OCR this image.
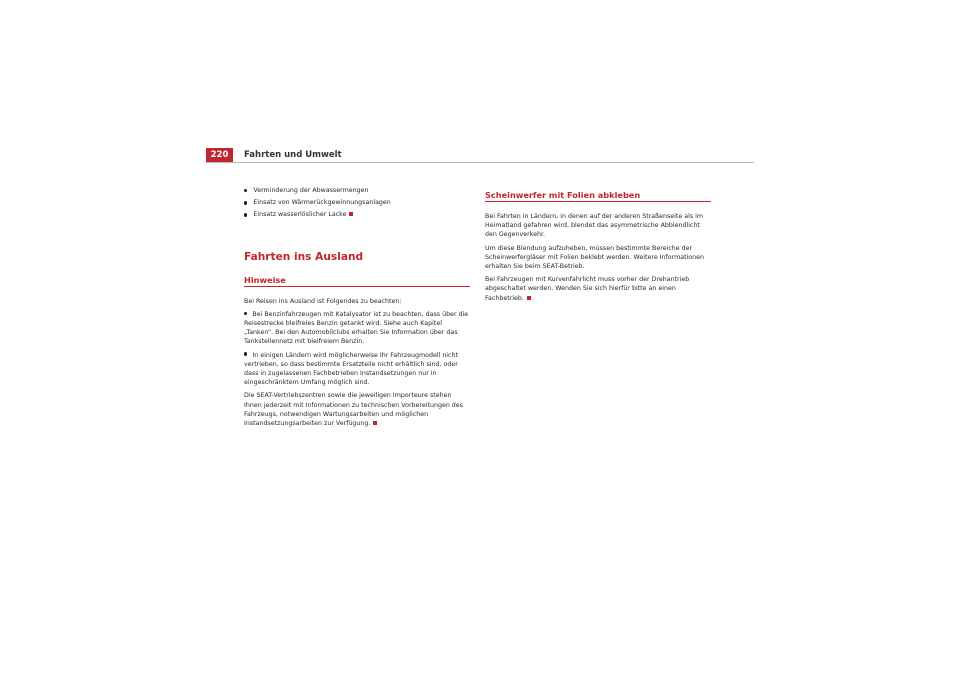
220	Fahrten und Umwelt
Verminderung der Abwassermengen
Einsatz von Wärmerückgewinnungsanlagen
Einsatz wasserlöslicher Lacke
Fahrten ins Ausland
Hinweise

Bei Reisen ins Ausland ist Folgendes zu beachten:

Bei Benzinfahrzeugen mit Katalysator ist zu beachten, dass über die Reisestrecke bleifreies Benzin getankt wird. Siehe auch Kapitel „Tanken“. Bei den Automobilclubs erhalten Sie Information über das Tankstellennetz mit bleifreiem Benzin.

In einigen Ländern wird möglicherweise Ihr Fahrzeugmodell nicht vertrieben, so dass bestimmte Ersatzteile nicht erhältlich sind, oder dass in zugelassenen Fachbetrieben Instandsetzungen nur in eingeschränktem Umfang möglich sind.

Die SEAT-Vertriebszentren sowie die jeweiligen Importeure stehen Ihnen jederzeit mit Informationen zu technischen Vorbereitungen des Fahrzeugs, notwendigen Wartungsarbeiten und möglichen Instandsetzungsarbeiten zur Verfügung.

Scheinwerfer mit Folien abkleben

Bei Fahrten in Ländern, in denen auf der anderen Straßenseite als im Heimatland gefahren wird, blendet das asymmetrische Abblendlicht den Gegenverkehr.

Um diese Blendung aufzuheben, müssen bestimmte Bereiche der Scheinwerfergläser mit Folien beklebt werden. Weitere Informationen erhalten Sie beim SEAT-Betrieb.

Bei Fahrzeugen mit Kurvenfahrlicht muss vorher der Drehantrieb abgeschaltet werden. Wenden Sie sich hierfür bitte an einen Fachbetrieb.
